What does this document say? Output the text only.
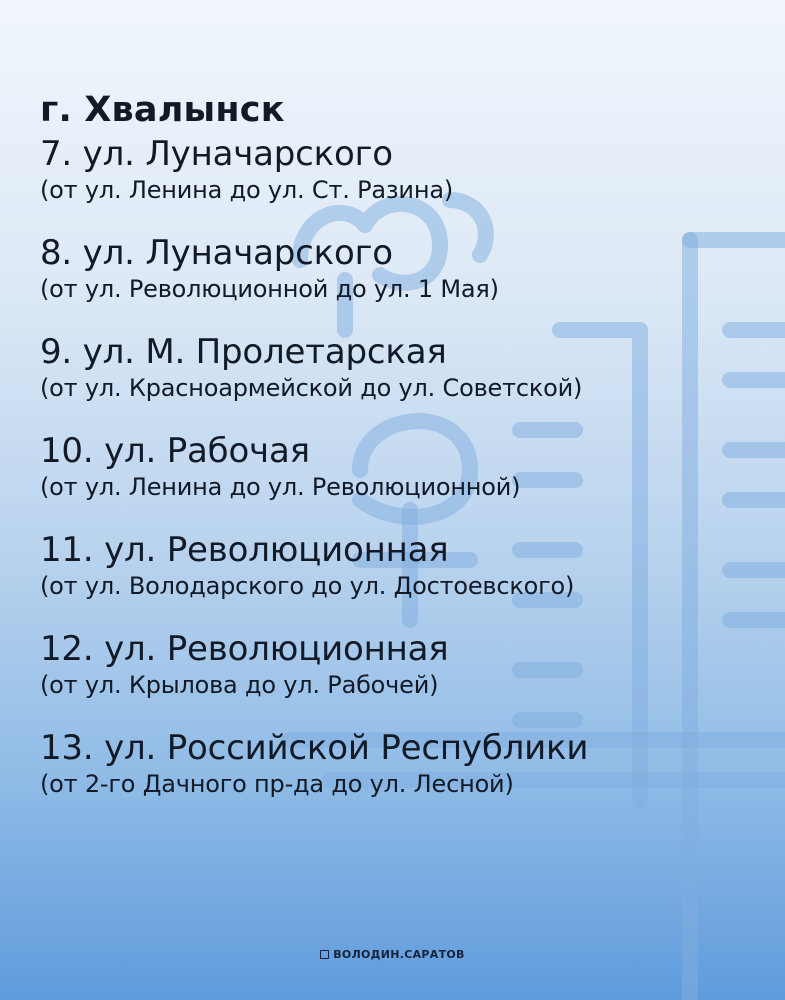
г. Хвалынск
7. ул. Луначарского
(от ул. Ленина до ул. Ст. Разина)
8. ул. Луначарского
(от ул. Революционной до ул. 1 Мая)
9. ул. М. Пролетарская
(от ул. Красноармейской до ул. Советской)
10. ул. Рабочая
(от ул. Ленина до ул. Революционной)
11. ул. Революционная
(от ул. Володарского до ул. Достоевского)
12. ул. Революционная
(от ул. Крылова до ул. Рабочей)
13. ул. Российской Республики
(от 2-го Дачного пр-да до ул. Лесной)
ВОЛОДИН.САРАТОВ
